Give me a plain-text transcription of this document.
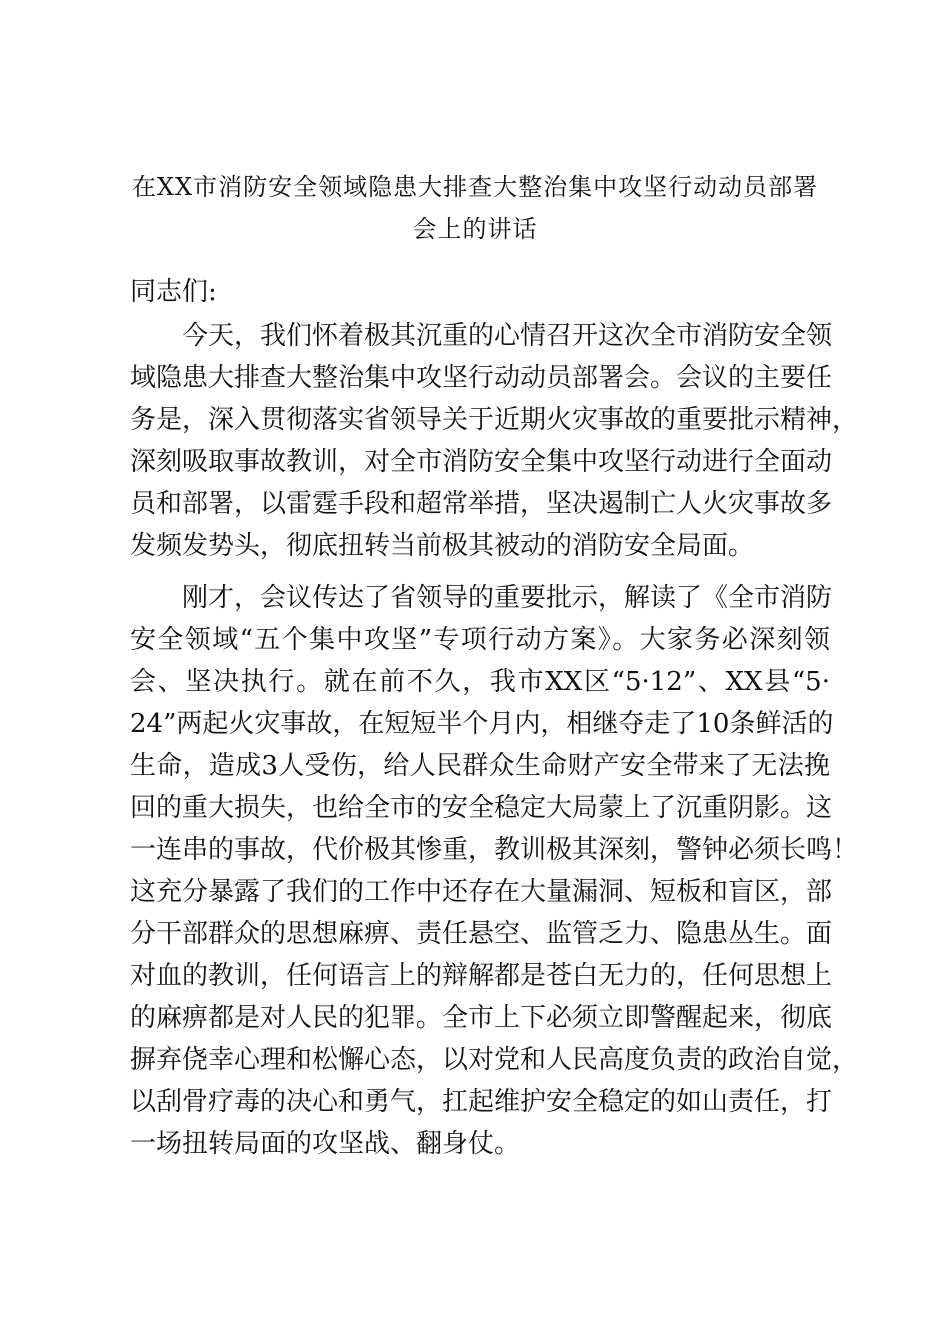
在XX市消防安全领域隐患大排查大整治集中攻坚行动动员部署
会上的讲话

同志们:

今天，我们怀着极其沉重的心情召开这次全市消防安全领
域隐患大排查大整治集中攻坚行动动员部署会。会议的主要任
务是，深入贯彻落实省领导关于近期火灾事故的重要批示精神，
深刻吸取事故教训，对全市消防安全集中攻坚行动进行全面动
员和部署，以雷霆手段和超常举措，坚决遏制亡人火灾事故多
发频发势头，彻底扭转当前极其被动的消防安全局面。
刚才，会议传达了省领导的重要批示，解读了《全市消防
安全领域“五个集中攻坚”专项行动方案》。大家务必深刻领
会、坚决执行。就在前不久，我市XX区“5·12”、XX县“5·
24”两起火灾事故，在短短半个月内，相继夺走了10条鲜活的
生命，造成3人受伤，给人民群众生命财产安全带来了无法挽
回的重大损失，也给全市的安全稳定大局蒙上了沉重阴影。这
一连串的事故，代价极其惨重，教训极其深刻，警钟必须长鸣！
这充分暴露了我们的工作中还存在大量漏洞、短板和盲区，部
分干部群众的思想麻痹、责任悬空、监管乏力、隐患丛生。面
对血的教训，任何语言上的辩解都是苍白无力的，任何思想上
的麻痹都是对人民的犯罪。全市上下必须立即警醒起来，彻底
摒弃侥幸心理和松懈心态，以对党和人民高度负责的政治自觉，
以刮骨疗毒的决心和勇气，扛起维护安全稳定的如山责任，打
一场扭转局面的攻坚战、翻身仗。
